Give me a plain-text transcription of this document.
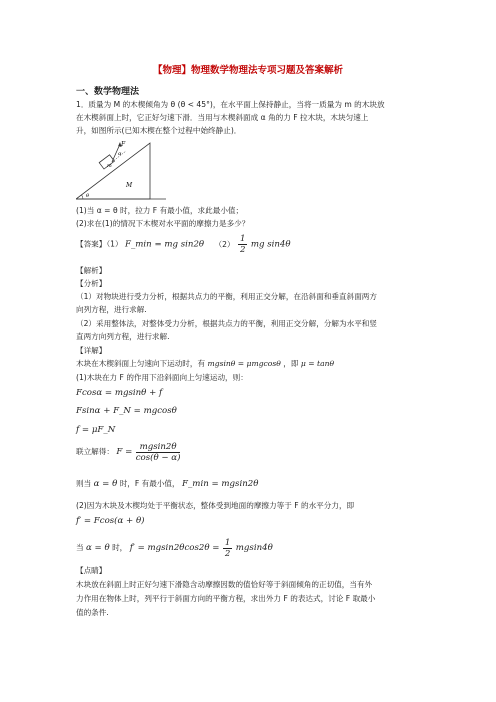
【物理】物理数学物理法专项习题及答案解析
一、数学物理法
1．质量为 M 的木楔倾角为 θ (θ < 45°)，在水平面上保持静止，当将一质量为 m 的木块放
在木楔斜面上时，它正好匀速下滑．当用与木楔斜面成 α 角的力 F 拉木块，木块匀速上
升，如图所示(已知木楔在整个过程中始终静止)．
F
α
m
M
θ
(1)当 α = θ 时，拉力 F 有最小值，求此最小值；
(2)求在(1)的情况下木楔对水平面的摩擦力是多少？
【答案】（1） F_min = mg sin2θ $(2) \frac{1}{2}$ mg sin4θ
【解析】
【分析】
（1）对物块进行受力分析，根据共点力的平衡，利用正交分解，在沿斜面和垂直斜面两方
向列方程，进行求解.
（2）采用整体法，对整体受力分析，根据共点力的平衡，利用正交分解，分解为水平和竖
直两方向列方程，进行求解.
【详解】
木块在木楔斜面上匀速向下运动时，有 mgsinθ = μmgcosθ ，即 μ = tanθ
(1)木块在力 F 的作用下沿斜面向上匀速运动，则：
Fcosα = mgsinθ + f
Fsinα + F_N = mgcosθ
f = μF_N
联立解得： $F = \frac{mgsin2\theta}{\cos(\theta - \alpha)}$
则当 α = θ 时，F 有最小值， F_min = mgsin2θ
(2)因为木块及木楔均处于平衡状态，整体受到地面的摩擦力等于 F 的水平分力，即
f′ = Fcos(α + θ)
当 α = θ 时， $f' = mgsin2\theta\cos 2\theta = \frac{1}{2} mgsin4\theta$
【点睛】
木块放在斜面上时正好匀速下滑隐含动摩擦因数的值恰好等于斜面倾角的正切值，当有外
力作用在物体上时，列平行于斜面方向的平衡方程，求出外力 F 的表达式，讨论 F 取最小
值的条件.
